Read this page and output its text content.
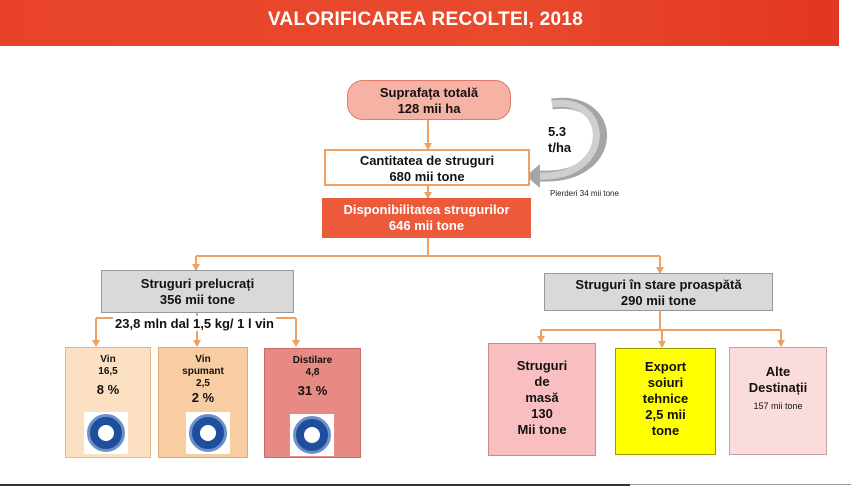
VALORIFICAREA RECOLTEI, 2018
Suprafața totală
128 mii ha
5.3
t/ha
Cantitatea de struguri
680 mii tone
Pierderi 34 mii tone
Disponibilitatea strugurilor
646 mii tone
Struguri prelucrați
356 mii tone
Struguri în stare proaspătă
290 mii tone
23,8 mln dal 1,5 kg/ 1 l vin
Vin
16,5
8 %
Vin
spumant
2,5
2 %
Distilare
4,8
31 %
Struguri
de
masă
130
Mii tone
Export
soiuri
tehnice
2,5 mii
tone
Alte
Destinații
157 mii tone
